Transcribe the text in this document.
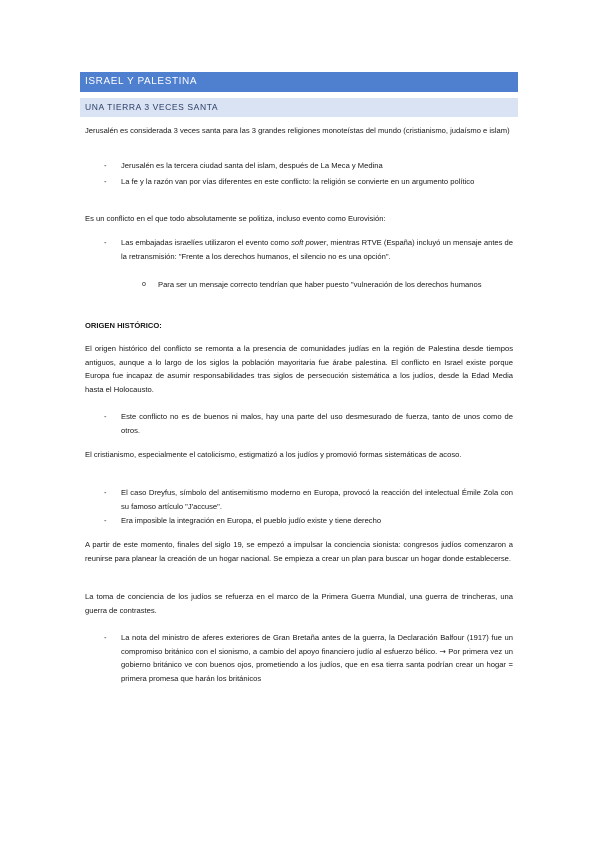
ISRAEL Y PALESTINA
UNA TIERRA 3 VECES SANTA

Jerusalén es considerada 3 veces santa para las 3 grandes religiones monoteístas del mundo (cristianismo, judaísmo e islam)

- Jerusalén es la tercera ciudad santa del islam, después de La Meca y Medina

- La fe y la razón van por vías diferentes en este conflicto: la religión se convierte en un argumento político

Es un conflicto en el que todo absolutamente se politiza, incluso evento como Eurovisión:

- Las embajadas israelíes utilizaron el evento como soft power, mientras RTVE (España) incluyó un mensaje antes de la retransmisión: "Frente a los derechos humanos, el silencio no es una opción".

o Para ser un mensaje correcto tendrían que haber puesto "vulneración de los derechos humanos

ORIGEN HISTÓRICO:

El origen histórico del conflicto se remonta a la presencia de comunidades judías en la región de Palestina desde tiempos antiguos, aunque a lo largo de los siglos la población mayoritaria fue árabe palestina. El conflicto en Israel existe porque Europa fue incapaz de asumir responsabilidades tras siglos de persecución sistemática a los judíos, desde la Edad Media hasta el Holocausto.

- Este conflicto no es de buenos ni malos, hay una parte del uso desmesurado de fuerza, tanto de unos como de otros.

El cristianismo, especialmente el catolicismo, estigmatizó a los judíos y promovió formas sistemáticas de acoso.

- El caso Dreyfus, símbolo del antisemitismo moderno en Europa, provocó la reacción del intelectual Émile Zola con su famoso artículo "J'accuse".

- Era imposible la integración en Europa, el pueblo judío existe y tiene derecho

A partir de este momento, finales del siglo 19, se empezó a impulsar la conciencia sionista: congresos judíos comenzaron a reunirse para planear la creación de un hogar nacional. Se empieza a crear un plan para buscar un hogar donde establecerse.

La toma de conciencia de los judíos se refuerza en el marco de la Primera Guerra Mundial, una guerra de trincheras, una guerra de contrastes.

- La nota del ministro de aferes exteriores de Gran Bretaña antes de la guerra, la Declaración Balfour (1917) fue un compromiso británico con el sionismo, a cambio del apoyo financiero judío al esfuerzo bélico. → Por primera vez un gobierno británico ve con buenos ojos, prometiendo a los judíos, que en esa tierra santa podrían crear un hogar = primera promesa que harán los británicos
